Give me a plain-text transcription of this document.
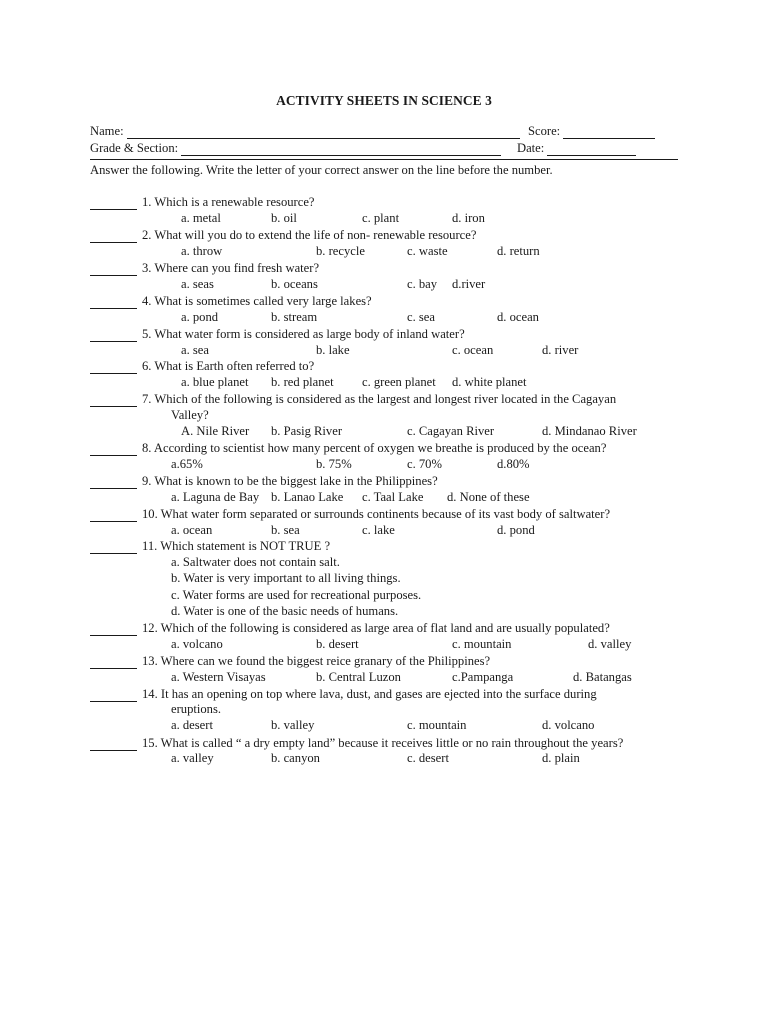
ACTIVITY SHEETS IN SCIENCE 3
Name:	Score:
Grade & Section:	Date:
Answer the following. Write the letter of your correct answer on the line before the number.
1. Which is a renewable resource?
a. metal	b. oil	c. plant	d. iron
2. What will you do to extend the life of non- renewable resource?
a. throw	b. recycle	c. waste	d. return
3. Where can you find fresh water?
a. seas	b. oceans	c. bay d.river
4. What is sometimes called very large lakes?
a. pond	b. stream	c. sea	d. ocean
5. What water form is considered as large body of inland water?
a. sea	b. lake	c. ocean	d. river
6. What is Earth often referred to?
a. blue planet b. red planet c. green planet d. white planet
7. Which of the following is considered as the largest and longest river located in the Cagayan
Valley?
A. Nile River b. Pasig River	c. Cagayan River	d. Mindanao River
8. According to scientist how many percent of oxygen we breathe is produced by the ocean?
a.65%	b. 75%	c. 70%	d.80%
9. What is known to be the biggest lake in the Philippines?
a. Laguna de Bay b. Lanao Lake c. Taal Lake d. None of these
10. What water form separated or surrounds continents because of its vast body of saltwater?
a. ocean	b. sea	c. lake	d. pond
11. Which statement is NOT TRUE ?
a. Saltwater does not contain salt.
b. Water is very important to all living things.
c. Water forms are used for recreational purposes.
d. Water is one of the basic needs of humans.
12. Which of the following is considered as large area of flat land and are usually populated?
a. volcano	b. desert	c. mountain	d. valley
13. Where can we found the biggest reice granary of the Philippines?
a. Western Visayas	b. Central Luzon	c.Pampanga	d. Batangas
14. It has an opening on top where lava, dust, and gases are ejected into the surface during
eruptions.
a. desert	b. valley	c. mountain	d. volcano
15. What is called “ a dry empty land” because it receives little or no rain throughout the years?
a. valley	b. canyon	c. desert	d. plain
